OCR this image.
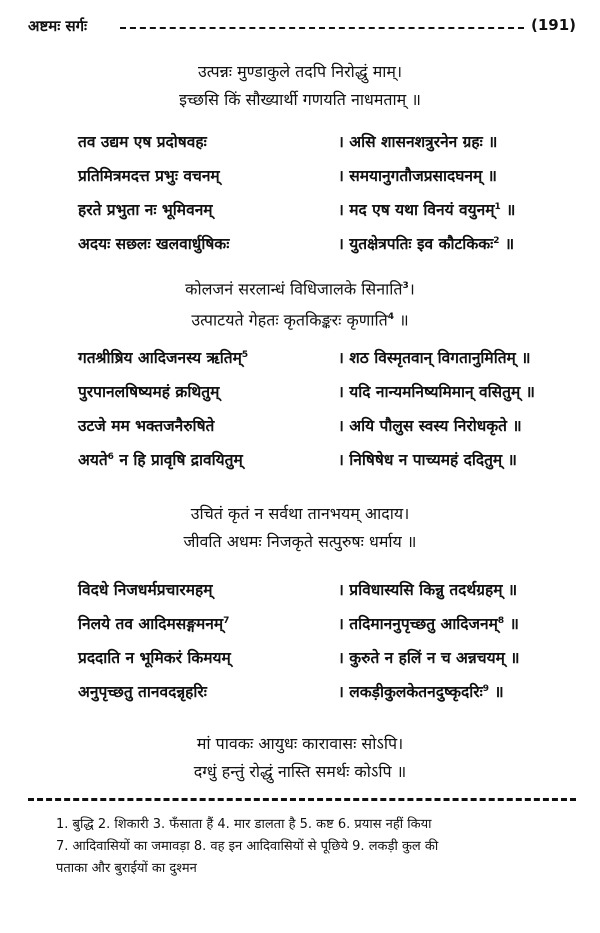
अष्टमः सर्गः	(191)
उत्पन्नः मुण्डाकुले तदपि निरोद्धुं माम्।
इच्छसि किं सौख्यार्थी गणयति नाधमताम् ॥
तव उद्यम एष प्रदोषवहः	। असि शासनशत्रुरनेन ग्रहः ॥
प्रतिमित्रमदत्त प्रभुः वचनम्	। समयानुगतौजप्रसादघनम् ॥
हरते प्रभुता नः भूमिवनम्	। मद एष यथा विनयं वयुनम्$^1$ ॥
अदयः सछलः खलवार्धुषिकः	। युतक्षेत्रपतिः इव कौटकिकः$^2$ ॥
कोलजनं सरलान्धं विधिजालके सिनाति$^3$।
उत्पाटयते गेहतः कृतकिङ्करः कृणाति$^4$ ॥
गतश्रीष्रिय आदिजनस्य ऋतिम्$^5$	। शठ विस्मृतवान् विगतानुमितिम् ॥
पुरपानलषिष्यमहं क्रथितुम्	। यदि नान्यमनिष्यमिमान् वसितुम् ॥
उटजे मम भक्तजनैरुषिते	। अयि पौलुस स्वस्य निरोधकृते ॥
अयते$^6$ न हि प्रावृषि द्रावयितुम्	। निषिषेध न पाच्यमहं ददितुम् ॥
उचितं कृतं न सर्वथा तानभयम् आदाय।
जीवति अधमः निजकृते सत्पुरुषः धर्माय ॥
विदधे निजधर्मप्रचारमहम्	। प्रविधास्यसि किन्नु तदर्थग्रहम् ॥
निलये तव आदिमसङ्गमनम्$^7$	। तदिमाननुपृच्छतु आदिजनम्$^8$ ॥
प्रददाति न भूमिकरं किमयम्	। कुरुते न हलिं न च अन्नचयम् ॥
अनुपृच्छतु तानवदन्नृहरिः	। लकड़ीकुलकेतनदुष्कृदरिः$^9$ ॥
मां पावकः आयुधः कारावासः सोऽपि।
दग्धुं हन्तुं रोद्धुं नास्ति समर्थः कोऽपि ॥
1. बुद्धि 2. शिकारी 3. फँसाता हैं 4. मार डालता है 5. कष्ट 6. प्रयास नहीं किया
7. आदिवासियों का जमावड़ा 8. वह इन आदिवासियों से पूछिये 9. लकड़ी कुल की
पताका और बुराईयों का दुश्मन
